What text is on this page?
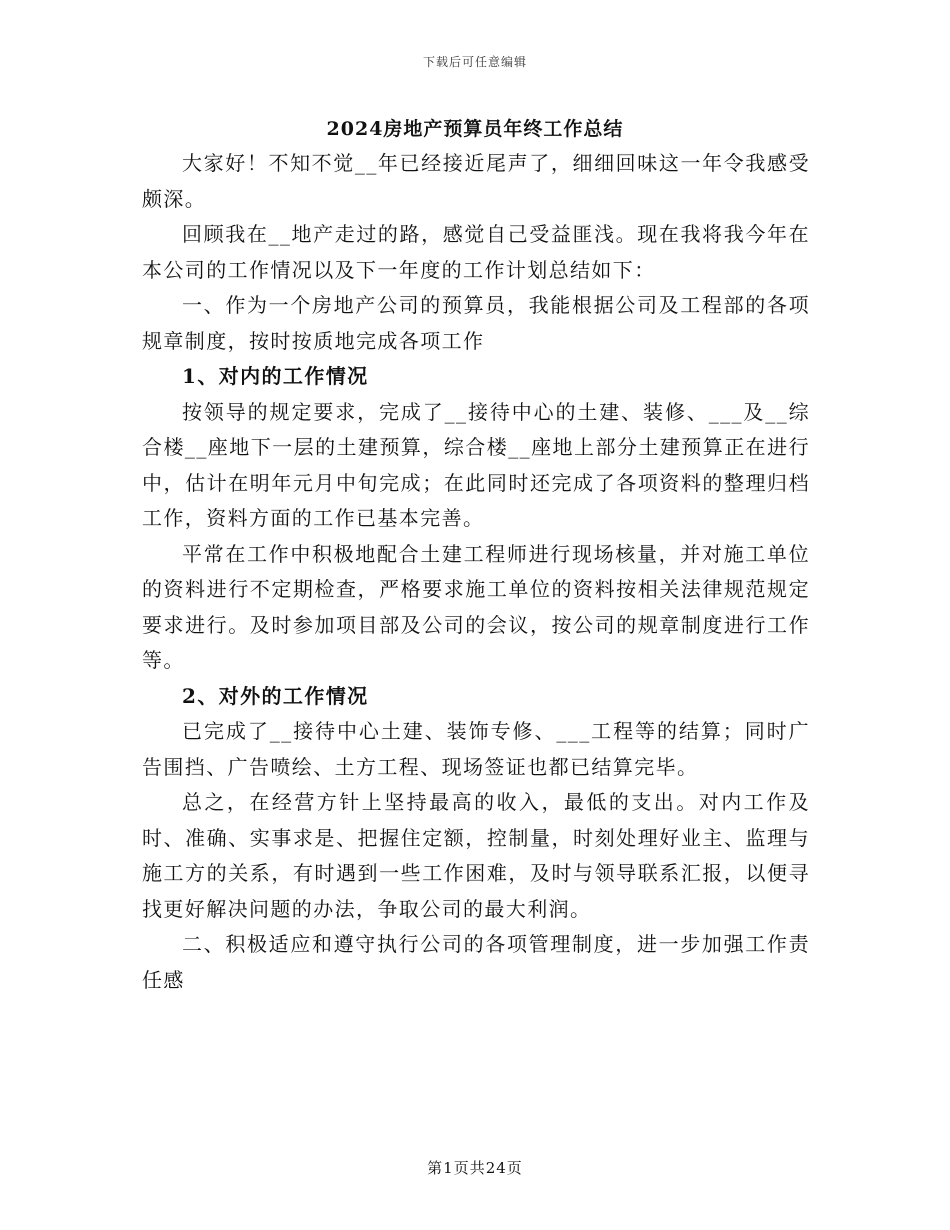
下载后可任意编辑
2024房地产预算员年终工作总结

大家好！不知不觉__年已经接近尾声了，细细回味这一年令我感受颇深。

回顾我在__地产走过的路，感觉自己受益匪浅。现在我将我今年在本公司的工作情况以及下一年度的工作计划总结如下：

一、作为一个房地产公司的预算员，我能根据公司及工程部的各项规章制度，按时按质地完成各项工作

1、对内的工作情况

按领导的规定要求，完成了__接待中心的土建、装修、___及__综合楼__座地下一层的土建预算，综合楼__座地上部分土建预算正在进行中，估计在明年元月中旬完成；在此同时还完成了各项资料的整理归档工作，资料方面的工作已基本完善。

平常在工作中积极地配合土建工程师进行现场核量，并对施工单位的资料进行不定期检查，严格要求施工单位的资料按相关法律规范规定要求进行。及时参加项目部及公司的会议，按公司的规章制度进行工作等。

2、对外的工作情况

已完成了__接待中心土建、装饰专修、___工程等的结算；同时广告围挡、广告喷绘、土方工程、现场签证也都已结算完毕。

总之，在经营方针上坚持最高的收入，最低的支出。对内工作及时、准确、实事求是、把握住定额，控制量，时刻处理好业主、监理与施工方的关系，有时遇到一些工作困难，及时与领导联系汇报，以便寻找更好解决问题的办法，争取公司的最大利润。

二、积极适应和遵守执行公司的各项管理制度，进一步加强工作责任感

第1页共24页
